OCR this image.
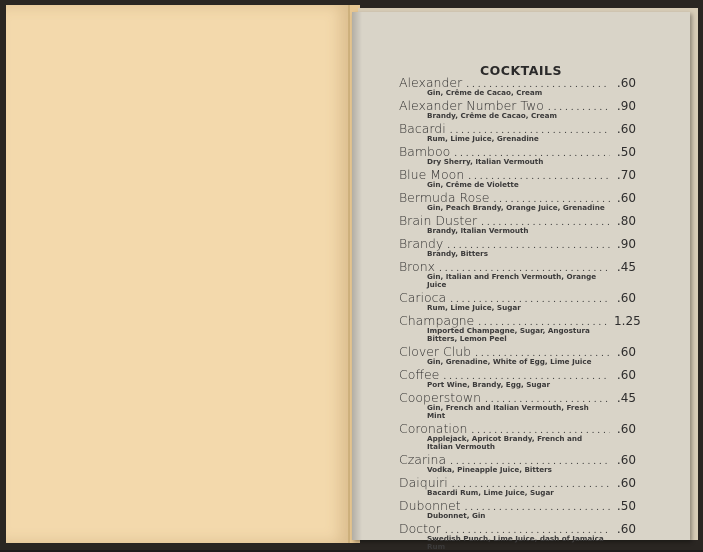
COCKTAILS
Alexander . . .	.60
Gin, Crême de Cacao, Cream
Alexander Number Two . . .	.90
Brandy, Crême de Cacao, Cream
Bacardi . . .	.60
Rum, Lime Juice, Grenadine
Bamboo . . .	.50
Dry Sherry, Italian Vermouth
Blue Moon . . .	.70
Gin, Crême de Violette
Bermuda Rose . . .	.60
Gin, Peach Brandy, Orange Juice, Grenadine
Brain Duster . . .	.80
Brandy, Italian Vermouth
Brandy . . .	.90
Brandy, Bitters
Bronx . . .	.45
Gin, Italian and French Vermouth, Orange Juice
Carioca . . .	.60
Rum, Lime Juice, Sugar
Champagne . . .	1.25
Imported Champagne, Sugar, Angostura Bitters, Lemon Peel
Clover Club . . .	.60
Gin, Grenadine, White of Egg, Lime Juice
Coffee . . .	.60
Port Wine, Brandy, Egg, Sugar
Cooperstown . . .	.45
Gin, French and Italian Vermouth, Fresh Mint
Coronation . . .	.60
Applejack, Apricot Brandy, French and Italian Vermouth
Czarina . . .	.60
Vodka, Pineapple Juice, Bitters
Daiquiri . . .	.60
Bacardi Rum, Lime Juice, Sugar
Dubonnet . . .	.50
Dubonnet, Gin
Doctor . . .	.60
Swedish Punch, Lime Juice, dash of Jamaica Rum
